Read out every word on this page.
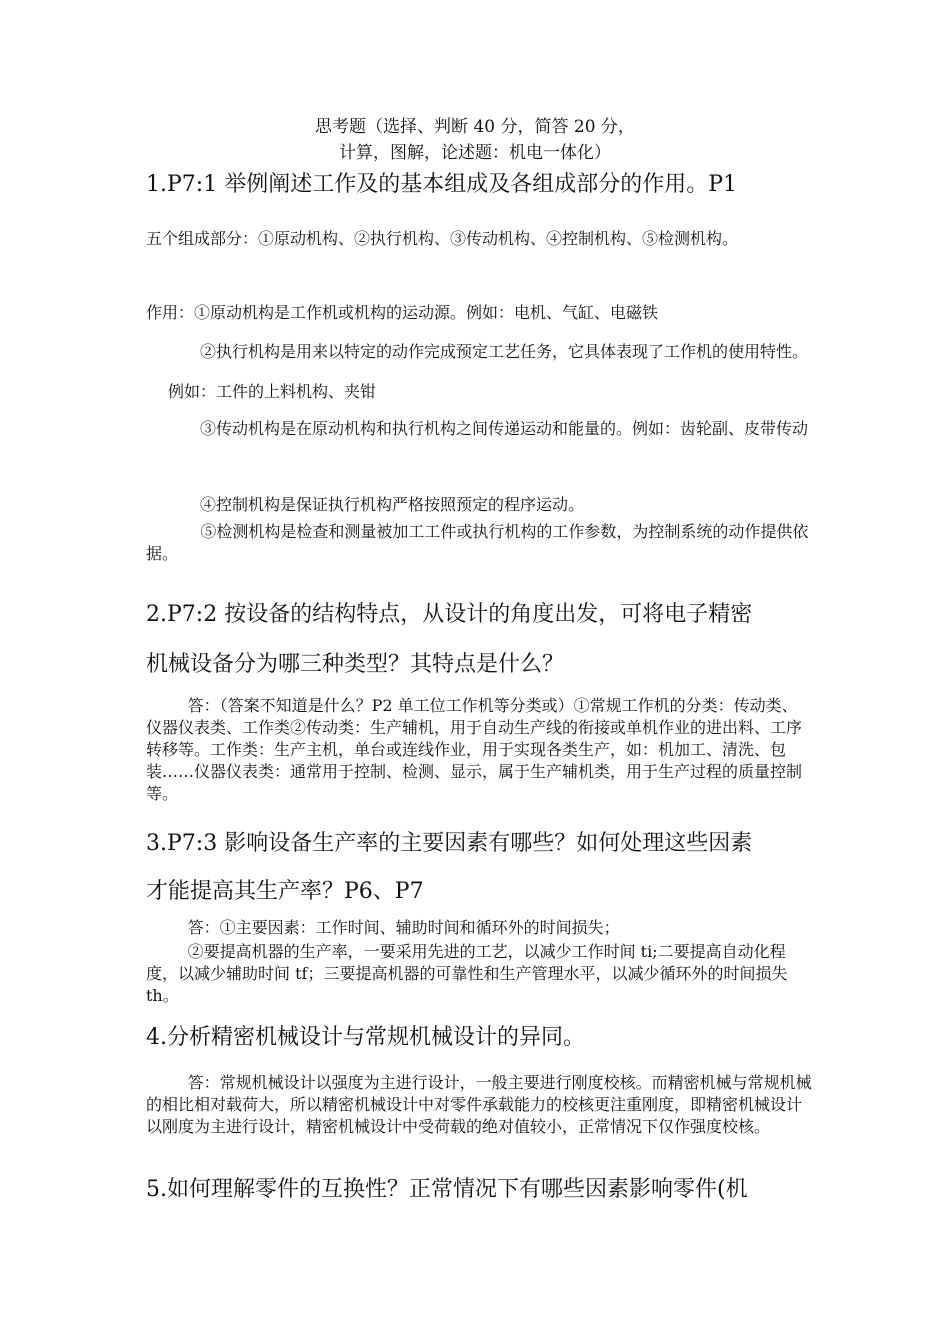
思考题（选择、判断 40 分，简答 20 分，
计算，图解，论述题：机电一体化）
1.P7:1 举例阐述工作及的基本组成及各组成部分的作用。P1
五个组成部分：①原动机构、②执行机构、③传动机构、④控制机构、⑤检测机构。
作用：①原动机构是工作机或机构的运动源。例如：电机、气缸、电磁铁
②执行机构是用来以特定的动作完成预定工艺任务，它具体表现了工作机的使用特性。例如：工件的上料机构、夹钳
③传动机构是在原动机构和执行机构之间传递运动和能量的。例如：齿轮副、皮带传动
④控制机构是保证执行机构严格按照预定的程序运动。
⑤检测机构是检查和测量被加工工件或执行机构的工作参数，为控制系统的动作提供依据。
2.P7:2 按设备的结构特点，从设计的角度出发，可将电子精密
机械设备分为哪三种类型？其特点是什么？
答：（答案不知道是什么？P2 单工位工作机等分类或）①常规工作机的分类：传动类、仪器仪表类、工作类②传动类：生产辅机，用于自动生产线的衔接或单机作业的进出料、工序转移等。工作类：生产主机，单台或连线作业，用于实现各类生产，如：机加工、清洗、包装……仪器仪表类：通常用于控制、检测、显示，属于生产辅机类，用于生产过程的质量控制等。
3.P7:3 影响设备生产率的主要因素有哪些？如何处理这些因素
才能提高其生产率？P6、P7
答：①主要因素：工作时间、辅助时间和循环外的时间损失；
②要提高机器的生产率，一要采用先进的工艺，以减少工作时间 ti;二要提高自动化程度，以减少辅助时间 tf；三要提高机器的可靠性和生产管理水平，以减少循环外的时间损失 th。
4.分析精密机械设计与常规机械设计的异同。
答：常规机械设计以强度为主进行设计，一般主要进行刚度校核。而精密机械与常规机械的相比相对载荷大，所以精密机械设计中对零件承载能力的校核更注重刚度，即精密机械设计以刚度为主进行设计，精密机械设计中受荷载的绝对值较小，正常情况下仅作强度校核。
5.如何理解零件的互换性？正常情况下有哪些因素影响零件(机
